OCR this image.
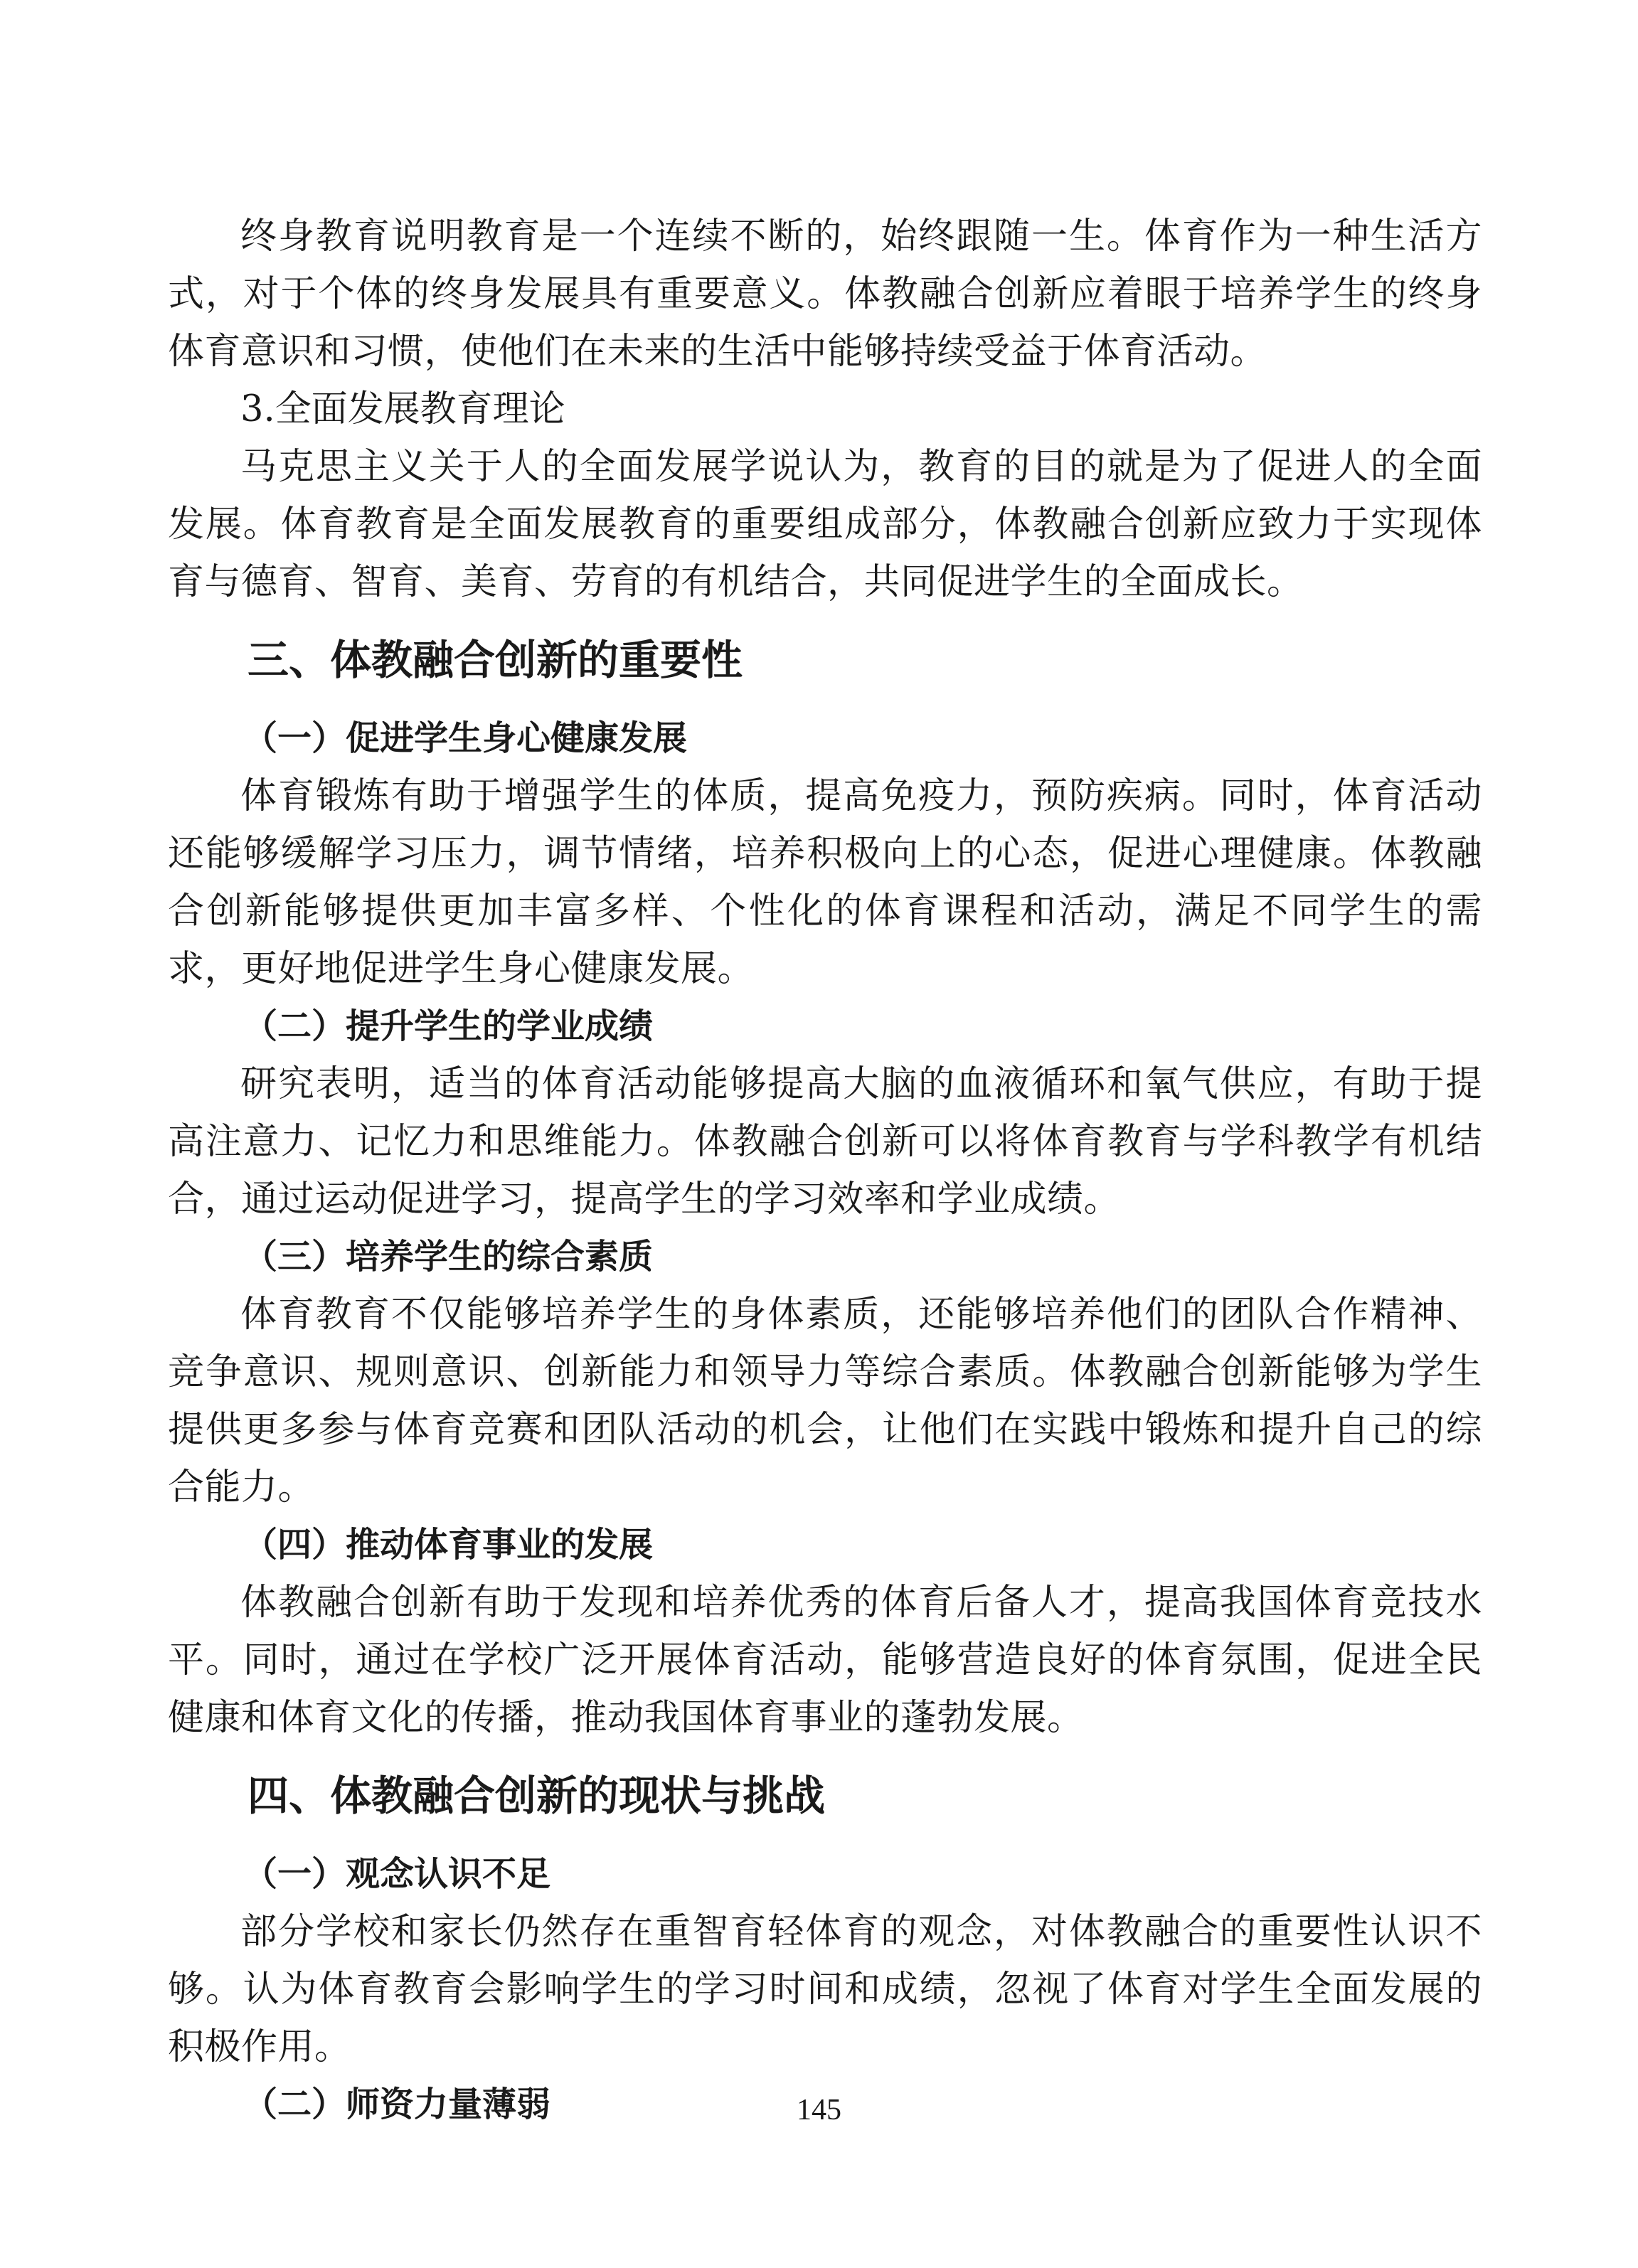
终身教育说明教育是一个连续不断的，始终跟随一生。体育作为一种生活方式，对于个体的终身发展具有重要意义。体教融合创新应着眼于培养学生的终身体育意识和习惯，使他们在未来的生活中能够持续受益于体育活动。

3.全面发展教育理论

马克思主义关于人的全面发展学说认为，教育的目的就是为了促进人的全面发展。体育教育是全面发展教育的重要组成部分，体教融合创新应致力于实现体育与德育、智育、美育、劳育的有机结合，共同促进学生的全面成长。

三、体教融合创新的重要性
（一）促进学生身心健康发展

体育锻炼有助于增强学生的体质，提高免疫力，预防疾病。同时，体育活动还能够缓解学习压力，调节情绪，培养积极向上的心态，促进心理健康。体教融合创新能够提供更加丰富多样、个性化的体育课程和活动，满足不同学生的需求，更好地促进学生身心健康发展。

（二）提升学生的学业成绩

研究表明，适当的体育活动能够提高大脑的血液循环和氧气供应，有助于提高注意力、记忆力和思维能力。体教融合创新可以将体育教育与学科教学有机结合，通过运动促进学习，提高学生的学习效率和学业成绩。

（三）培养学生的综合素质

体育教育不仅能够培养学生的身体素质，还能够培养他们的团队合作精神、竞争意识、规则意识、创新能力和领导力等综合素质。体教融合创新能够为学生提供更多参与体育竞赛和团队活动的机会，让他们在实践中锻炼和提升自己的综合能力。

（四）推动体育事业的发展

体教融合创新有助于发现和培养优秀的体育后备人才，提高我国体育竞技水平。同时，通过在学校广泛开展体育活动，能够营造良好的体育氛围，促进全民健康和体育文化的传播，推动我国体育事业的蓬勃发展。

四、体教融合创新的现状与挑战
（一）观念认识不足

部分学校和家长仍然存在重智育轻体育的观念，对体教融合的重要性认识不够。认为体育教育会影响学生的学习时间和成绩，忽视了体育对学生全面发展的积极作用。

（二）师资力量薄弱	145
